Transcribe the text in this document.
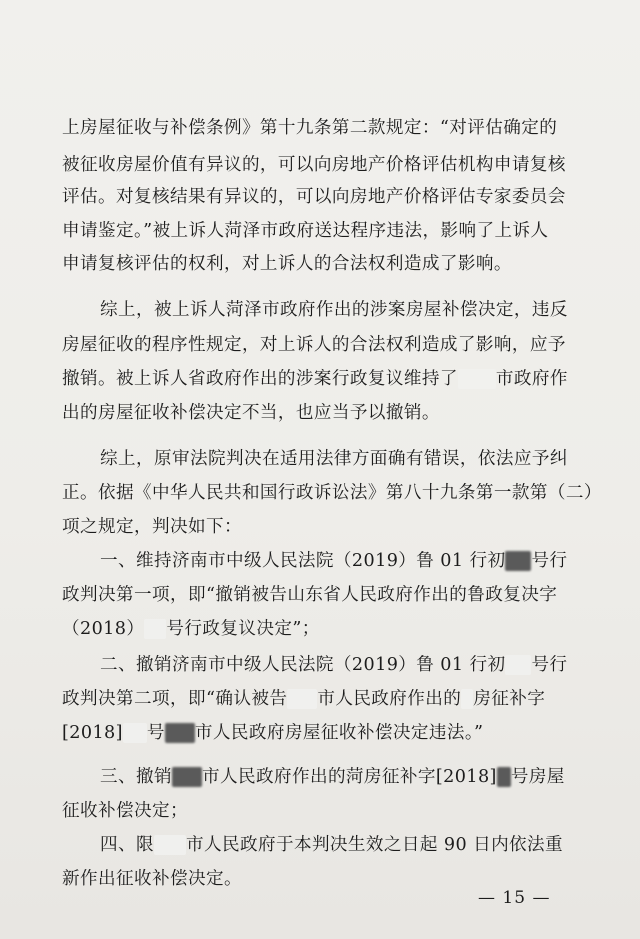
上房屋征收与补偿条例》第十九条第二款规定：“对评估确定的
被征收房屋价值有异议的，可以向房地产价格评估机构申请复核
评估。对复核结果有异议的，可以向房地产价格评估专家委员会
申请鉴定。”被上诉人菏泽市政府送达程序违法，影响了上诉人
申请复核评估的权利，对上诉人的合法权利造成了影响。
综上，被上诉人菏泽市政府作出的涉案房屋补偿决定，违反
房屋征收的程序性规定，对上诉人的合法权利造成了影响，应予
撤销。被上诉人省政府作出的涉案行政复议维持了 市政府作
出的房屋征收补偿决定不当，也应当予以撤销。
综上，原审法院判决在适用法律方面确有错误，依法应予纠
正。依据《中华人民共和国行政诉讼法》第八十九条第一款第（二）
项之规定，判决如下：
一、维持济南市中级人民法院（2019）鲁 01 行初 号行
政判决第一项，即“撤销被告山东省人民政府作出的鲁政复决字
（2018） 号行政复议决定”；
二、撤销济南市中级人民法院（2019）鲁 01 行初 号行
政判决第二项，即“确认被告 市人民政府作出的 房征补字
[2018] 号 市人民政府房屋征收补偿决定违法。”
三、撤销 市人民政府作出的菏房征补字[2018] 号房屋
征收补偿决定；
四、限 市人民政府于本判决生效之日起 90 日内依法重
新作出征收补偿决定。
— 15 —
